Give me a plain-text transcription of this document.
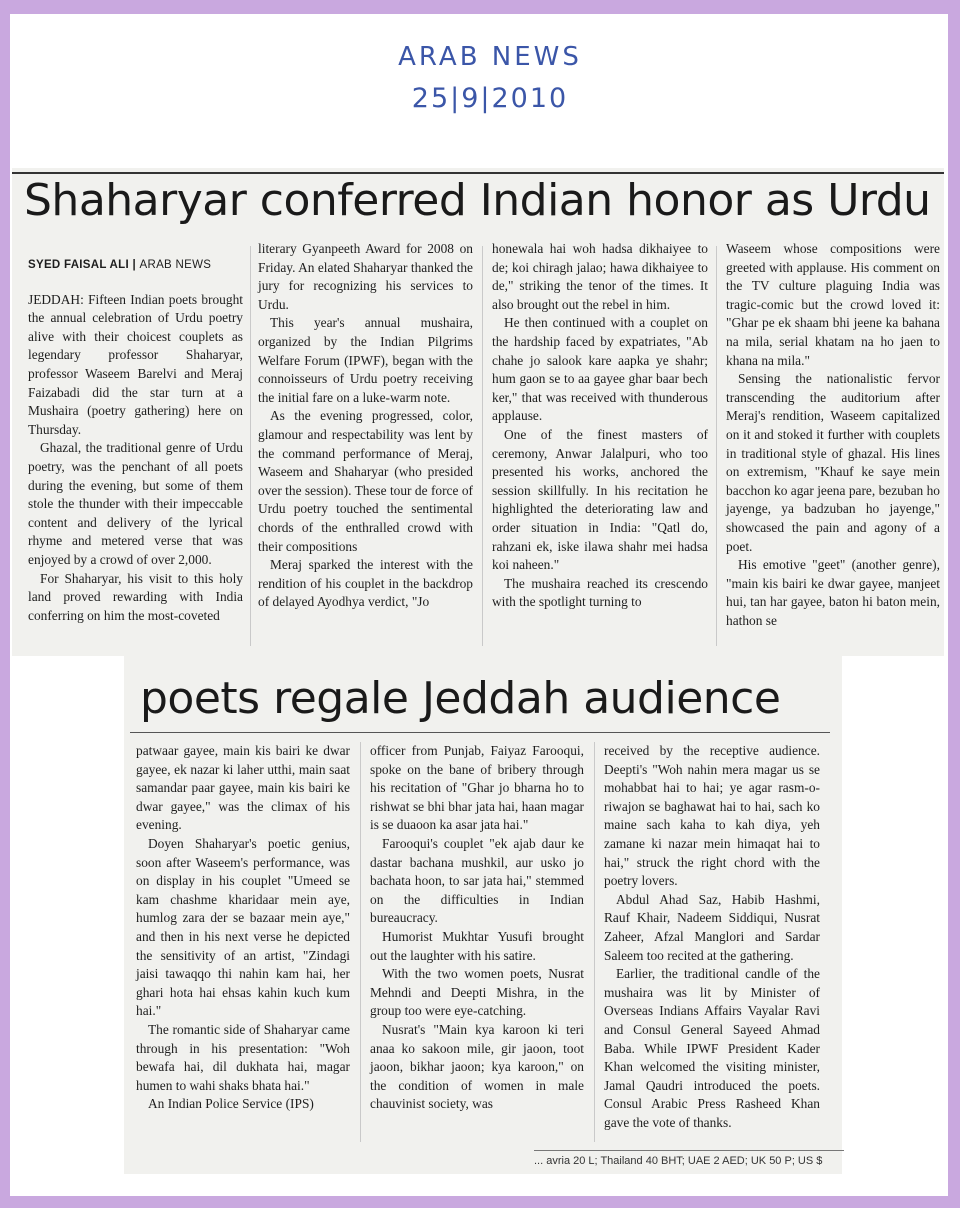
ARAB NEWS
25|9|2010
Shaharyar conferred Indian honor as Urdu
SYED FAISAL ALI | ARAB NEWS

JEDDAH: Fifteen Indian poets brought the annual celebration of Urdu poetry alive with their choicest couplets as legendary professor Shaharyar, professor Waseem Barelvi and Meraj Faizabadi did the star turn at a Mushaira (poetry gathering) here on Thursday.

Ghazal, the traditional genre of Urdu poetry, was the penchant of all poets during the evening, but some of them stole the thunder with their impeccable content and delivery of the lyrical rhyme and metered verse that was enjoyed by a crowd of over 2,000.

For Shaharyar, his visit to this holy land proved rewarding with India conferring on him the most-coveted

literary Gyanpeeth Award for 2008 on Friday. An elated Shaharyar thanked the jury for recognizing his services to Urdu.

This year's annual mushaira, organized by the Indian Pilgrims Welfare Forum (IPWF), began with the connoisseurs of Urdu poetry receiving the initial fare on a luke-warm note.

As the evening progressed, color, glamour and respectability was lent by the command performance of Meraj, Waseem and Shaharyar (who presided over the session). These tour de force of Urdu poetry touched the sentimental chords of the enthralled crowd with their compositions

Meraj sparked the interest with the rendition of his couplet in the backdrop of delayed Ayodhya verdict, "Jo

honewala hai woh hadsa dikhaiyee to de; koi chiragh jalao; hawa dikhaiyee to de," striking the tenor of the times. It also brought out the rebel in him.

He then continued with a couplet on the hardship faced by expatriates, "Ab chahe jo salook kare aapka ye shahr; hum gaon se to aa gayee ghar baar bech ker," that was received with thunderous applause.

One of the finest masters of ceremony, Anwar Jalalpuri, who too presented his works, anchored the session skillfully. In his recitation he highlighted the deteriorating law and order situation in India: "Qatl do, rahzani ek, iske ilawa shahr mei hadsa koi naheen."

The mushaira reached its crescendo with the spotlight turning to

Waseem whose compositions were greeted with applause. His comment on the TV culture plaguing India was tragic-comic but the crowd loved it: "Ghar pe ek shaam bhi jeene ka bahana na mila, serial khatam na ho jaen to khana na mila."

Sensing the nationalistic fervor transcending the auditorium after Meraj's rendition, Waseem capitalized on it and stoked it further with couplets in traditional style of ghazal. His lines on extremism, "Khauf ke saye mein bacchon ko agar jeena pare, bezuban ho jayenge, ya badzuban ho jayenge," showcased the pain and agony of a poet.

His emotive "geet" (another genre), "main kis bairi ke dwar gayee, manjeet hui, tan har gayee, baton hi baton mein, hathon se

poets regale Jeddah audience

patwaar gayee, main kis bairi ke dwar gayee, ek nazar ki laher utthi, main saat samandar paar gayee, main kis bairi ke dwar gayee," was the climax of his evening.

Doyen Shaharyar's poetic genius, soon after Waseem's performance, was on display in his couplet "Umeed se kam chashme kharidaar mein aye, humlog zara der se bazaar mein aye," and then in his next verse he depicted the sensitivity of an artist, "Zindagi jaisi tawaqqo thi nahin kam hai, her ghari hota hai ehsas kahin kuch kum hai."

The romantic side of Shaharyar came through in his presentation: "Woh bewafa hai, dil dukhata hai, magar humen to wahi shaks bhata hai."

An Indian Police Service (IPS)

officer from Punjab, Faiyaz Farooqui, spoke on the bane of bribery through his recitation of "Ghar jo bharna ho to rishwat se bhi bhar jata hai, haan magar is se duaoon ka asar jata hai."

Farooqui's couplet "ek ajab daur ke dastar bachana mushkil, aur usko jo bachata hoon, to sar jata hai," stemmed on the difficulties in Indian bureaucracy.

Humorist Mukhtar Yusufi brought out the laughter with his satire.

With the two women poets, Nusrat Mehndi and Deepti Mishra, in the group too were eye-catching.

Nusrat's "Main kya karoon ki teri anaa ko sakoon mile, gir jaoon, toot jaoon, bikhar jaoon; kya karoon," on the condition of women in male chauvinist society, was

received by the receptive audience. Deepti's "Woh nahin mera magar us se mohabbat hai to hai; ye agar rasm-o-riwajon se baghawat hai to hai, sach ko maine sach kaha to kah diya, yeh zamane ki nazar mein himaqat hai to hai," struck the right chord with the poetry lovers.

Abdul Ahad Saz, Habib Hashmi, Rauf Khair, Nadeem Siddiqui, Nusrat Zaheer, Afzal Manglori and Sardar Saleem too recited at the gathering.

Earlier, the traditional candle of the mushaira was lit by Minister of Overseas Indians Affairs Vayalar Ravi and Consul General Sayeed Ahmad Baba. While IPWF President Kader Khan welcomed the visiting minister, Jamal Qaudri introduced the poets. Consul Arabic Press Rasheed Khan gave the vote of thanks.

... avria 20 L; Thailand 40 BHT; UAE 2 AED; UK 50 P; US $
